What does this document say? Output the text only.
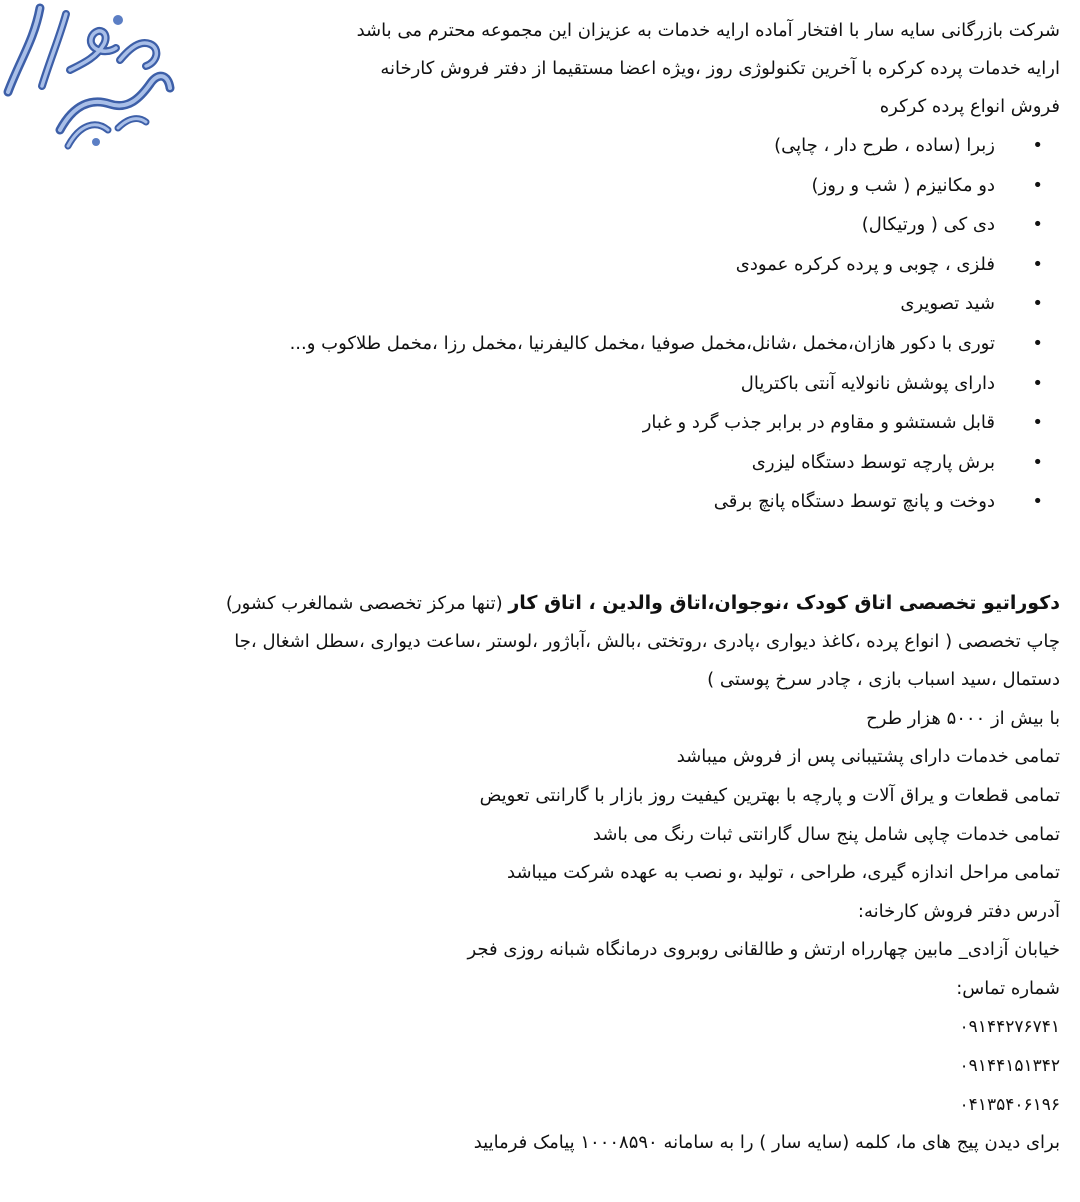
شرکت بازرگانی سایه سار با افتخار آماده ارایه خدمات به عزیزان این مجموعه محترم می باشد
ارایه خدمات پرده کرکره با آخرین تکنولوژی روز ،ویژه اعضا مستقیما از دفتر فروش کارخانه
فروش انواع پرده کرکره
•
زبرا (ساده ، طرح دار ، چاپی)
•
دو مکانیزم ( شب و روز)
•
دی کی ( ورتیکال)
•
فلزی ، چوبی و پرده کرکره عمودی
•
شید تصویری
•
توری با دکور هازان،مخمل ،شانل،مخمل صوفیا ،مخمل کالیفرنیا ،مخمل رزا ،مخمل طلاکوب و...
•
دارای پوشش نانولایه آنتی باکتریال
•
قابل شستشو و مقاوم در برابر جذب گرد و غبار
•
برش پارچه توسط دستگاه لیزری
•
دوخت و پانچ توسط دستگاه پانچ برقی
دکوراتیو تخصصی اتاق کودک ،نوجوان،اتاق والدین ، اتاق کار (تنها مرکز تخصصی شمالغرب کشور)
چاپ تخصصی ( انواع پرده ،کاغذ دیواری ،پادری ،روتختی ،بالش ،آباژور ،لوستر ،ساعت دیواری ،سطل اشغال ،جا
دستمال ،سید اسباب بازی ، چادر سرخ پوستی )
با بیش از ۵۰۰۰ هزار طرح
تمامی خدمات دارای پشتیبانی پس از فروش میباشد
تمامی قطعات و یراق آلات و پارچه با بهترین کیفیت روز بازار با گارانتی تعویض
تمامی خدمات چاپی شامل پنج سال گارانتی ثبات رنگ می باشد
تمامی مراحل اندازه گیری، طراحی ، تولید ،و نصب به عهده شرکت میباشد
آدرس دفتر فروش کارخانه:
خیابان آزادی_ مابین چهارراه ارتش و طالقانی روبروی درمانگاه شبانه روزی فجر
شماره تماس:
۰۹۱۴۴۲۷۶۷۴۱
۰۹۱۴۴۱۵۱۳۴۲
۰۴۱۳۵۴۰۶۱۹۶
برای دیدن پیج های ما، کلمه (سایه سار ) را به سامانه ۱۰۰۰۸۵۹۰ پیامک فرمایید
